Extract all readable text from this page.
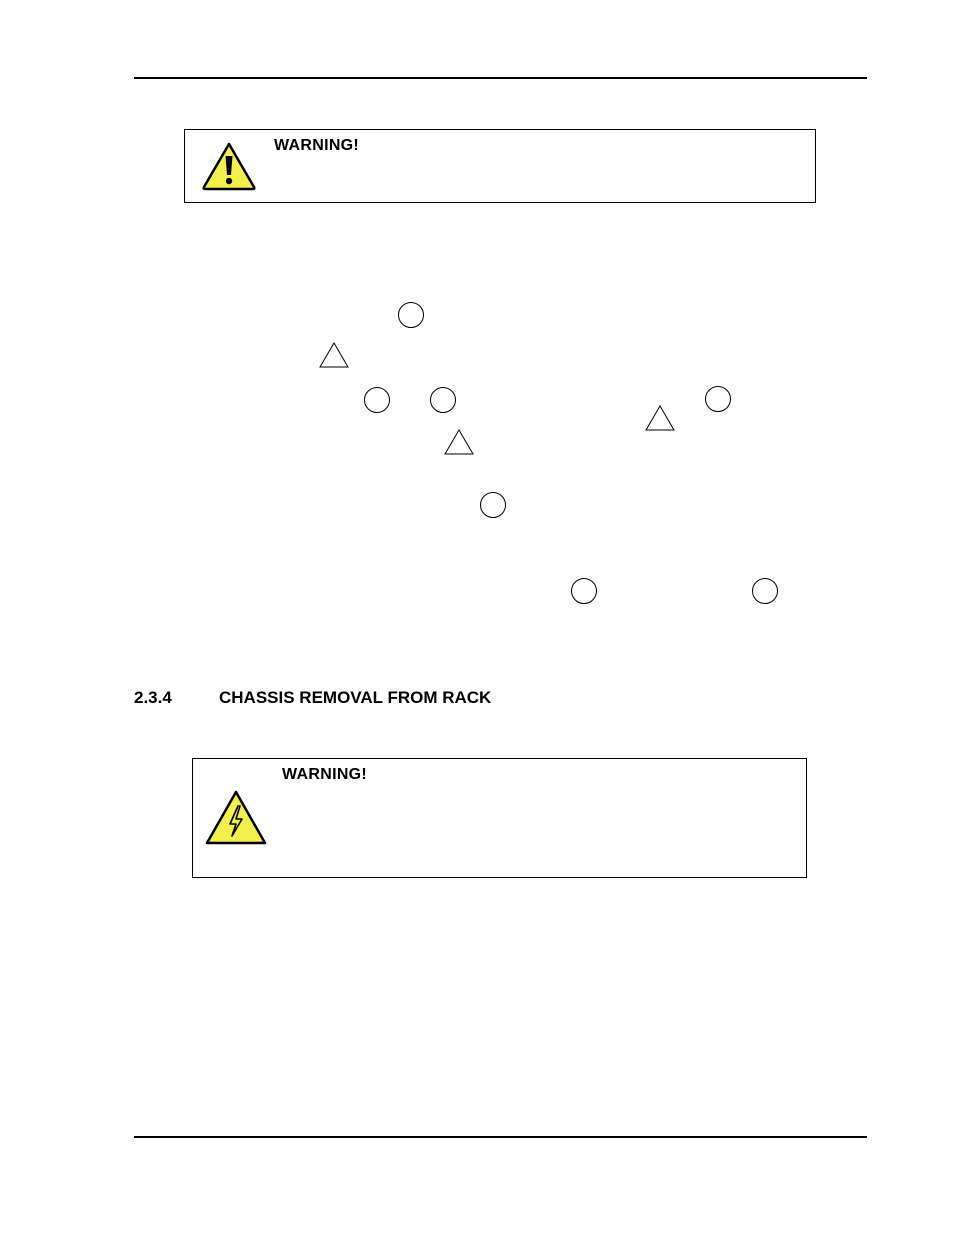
WARNING!
2.3.4	CHASSIS REMOVAL FROM RACK
WARNING!
